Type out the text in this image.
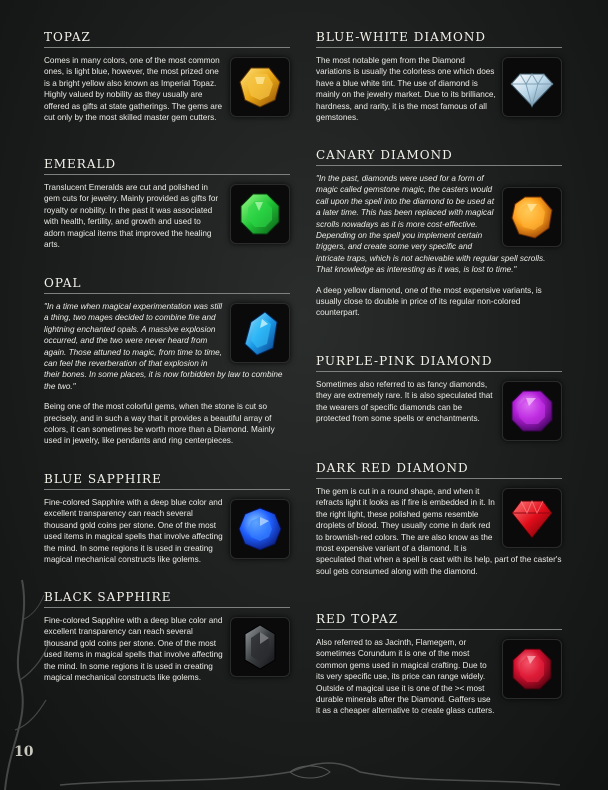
10
TOPAZ

Comes in many colors, one of the most common ones, is light blue, however, the most prized one is a bright yellow also known as Imperial Topaz. Highly valued by nobility as they usually are offered as gifts at state gatherings. The gems are cut only by the most skilled master gem cutters.

EMERALD

Translucent Emeralds are cut and polished in gem cuts for jewelry. Mainly provided as gifts for royalty or nobility. In the past it was associated with health, fertility, and growth and used to adorn magical items that improved the healing arts.

OPAL

"In a time when magical experimentation was still a thing, two mages decided to combine fire and lightning enchanted opals. A massive explosion occurred, and the two were never heard from again. Those attuned to magic, from time to time, can feel the reverberation of that explosion in their bones. In some places, it is now forbidden by law to combine the two."

Being one of the most colorful gems, when the stone is cut so precisely, and in such a way that it provides a beautiful array of colors, it can sometimes be worth more than a Diamond. Mainly used in jewelry, like pendants and ring centerpieces.

BLUE SAPPHIRE

Fine-colored Sapphire with a deep blue color and excellent transparency can reach several thousand gold coins per stone. One of the most used items in magical spells that involve affecting the mind. In some regions it is used in creating magical mechanical constructs like golems.

BLACK SAPPHIRE

Fine-colored Sapphire with a deep blue color and excellent transparency can reach several thousand gold coins per stone. One of the most used items in magical spells that involve affecting the mind. In some regions it is used in creating magical mechanical constructs like golems.

BLUE-WHITE DIAMOND

The most notable gem from the Diamond variations is usually the colorless one which does have a blue white tint. The use of diamond is mainly on the jewelry market. Due to its brilliance, hardness, and rarity, it is the most famous of all gemstones.

CANARY DIAMOND

"In the past, diamonds were used for a form of magic called gemstone magic, the casters would call upon the spell into the diamond to be used at a later time. This has been replaced with magical scrolls nowadays as it is more cost-effective. Depending on the spell you implement certain triggers, and create some very specific and intricate traps, which is not achievable with regular spell scrolls. That knowledge as interesting as it was, is lost to time."

A deep yellow diamond, one of the most expensive variants, is usually close to double in price of its regular non-colored counterpart.

PURPLE-PINK DIAMOND

Sometimes also referred to as fancy diamonds, they are extremely rare. It is also speculated that the wearers of specific diamonds can be protected from some spells or enchantments.

DARK RED DIAMOND

The gem is cut in a round shape, and when it refracts light it looks as if fire is embedded in it. In the right light, these polished gems resemble droplets of blood. They usually come in dark red to brownish-red colors. The are also know as the most expensive variant of a diamond. It is speculated that when a spell is cast with its help, part of the caster's soul gets consumed along with the diamond.

RED TOPAZ

Also referred to as Jacinth, Flamegem, or sometimes Corundum it is one of the most common gems used in magical crafting. Due to its very specific use, its price can range widely. Outside of magical use it is one of the >< most durable minerals after the Diamond. Gaffers use it as a cheaper alternative to create glass cutters.
